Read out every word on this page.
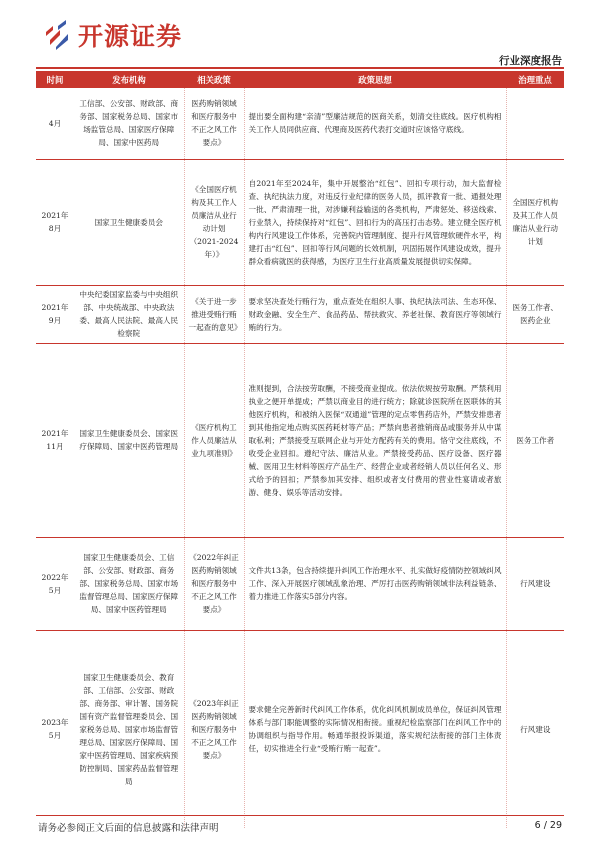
开源证券
行业深度报告
时间	发布机构	相关政策	政策思想	治理重点
4月	工信部、公安部、财政部、商务部、国家税务总局、国家市场监管总局、国家医疗保障局、国家中医药局	医药购销领域和医疗服务中不正之风工作要点》	提出要全面构建“亲清”型廉洁规范的医商关系，划清交往底线。医疗机构相关工作人员同供应商、代理商及医药代表打交道时应该恪守底线。	
2021年8月	国家卫生健康委员会	《全国医疗机构及其工作人员廉洁从业行动计划（2021-2024年）》	自2021年至2024年，集中开展整治“红包”、回扣专项行动，加大监督检查、执纪执法力度，对违反行业纪律的医务人员，抓评教育一批、通报处理一批、严肃清理一批，对涉嫌利益输送的各类机构，严肃惩处、移送线索、行业禁入，持续保持对“红包”、回扣行为的高压打击态势。建立健全医疗机构内行风建设工作体系，完善院内管理制度、提升行风管理软硬件水平，构建打击“红包”、回扣等行风问题的长效机制，巩固拓展作风建设成效，提升群众看病就医的获得感，为医疗卫生行业高质量发展提供切实保障。	全国医疗机构及其工作人员廉洁从业行动计划
2021年9月	中央纪委国家监委与中央组织部、中央统战部、中央政法委、最高人民法院、最高人民检察院	《关于进一步推进受贿行贿一起查的意见》	要求坚决查处行贿行为，重点查处在组织人事、执纪执法司法、生态环保、财政金融、安全生产、食品药品、帮扶救灾、养老社保、教育医疗等领域行贿的行为。	医务工作者、医药企业
2021年11月	国家卫生健康委员会、国家医疗保障局、国家中医药管理局	《医疗机构工作人员廉洁从业九项准则》	准则提到，合法按劳取酬，不接受商业提成。依法依规按劳取酬。严禁利用执业之便开单提成；严禁以商业目的进行统方；除就诊医院所在医联体的其他医疗机构，和被纳入医保“双通道”管理的定点零售药店外，严禁安排患者到其他指定地点购买医药耗材等产品；严禁向患者推销商品或服务并从中谋取私利；严禁接受互联网企业与开处方配药有关的费用。恪守交往底线，不收受企业回扣。遵纪守法、廉洁从业。严禁接受药品、医疗设备、医疗器械、医用卫生材料等医疗产品生产、经营企业或者经销人员以任何名义、形式给予的回扣；严禁参加其安排、组织或者支付费用的营业性宴请或者旅游、健身、娱乐等活动安排。	医务工作者
2022年5月	国家卫生健康委员会、工信部、公安部、财政部、商务部、国家税务总局、国家市场监督管理总局、国家医疗保障局、国家中医药管理局	《2022年纠正医药购销领域和医疗服务中不正之风工作要点》	文件共13条，包含持续提升纠风工作治理水平、扎实做好疫情防控领域纠风工作、深入开展医疗领域乱象治理、严厉打击医药购销领域非法利益链条、着力推进工作落实5部分内容。	行风建设
2023年5月	国家卫生健康委员会、教育部、工信部、公安部、财政部、商务部、审计署、国务院国有资产监督管理委员会、国家税务总局、国家市场监督管理总局、国家医疗保障局、国家中医药管理局、国家疾病预防控制局、国家药品监督管理局	《2023年纠正医药购销领域和医疗服务中不正之风工作要点》	要求健全完善新时代纠风工作体系，优化纠风机制成员单位，保证纠风管理体系与部门职能调整的实际情况相衔接。重视纪检监察部门在纠风工作中的协调组织与指导作用。畅通举报投诉渠道，落实规纪法衔接的部门主体责任，切实推进全行业“受贿行贿一起查”。	行风建设
请务必参阅正文后面的信息披露和法律声明	6 / 29
